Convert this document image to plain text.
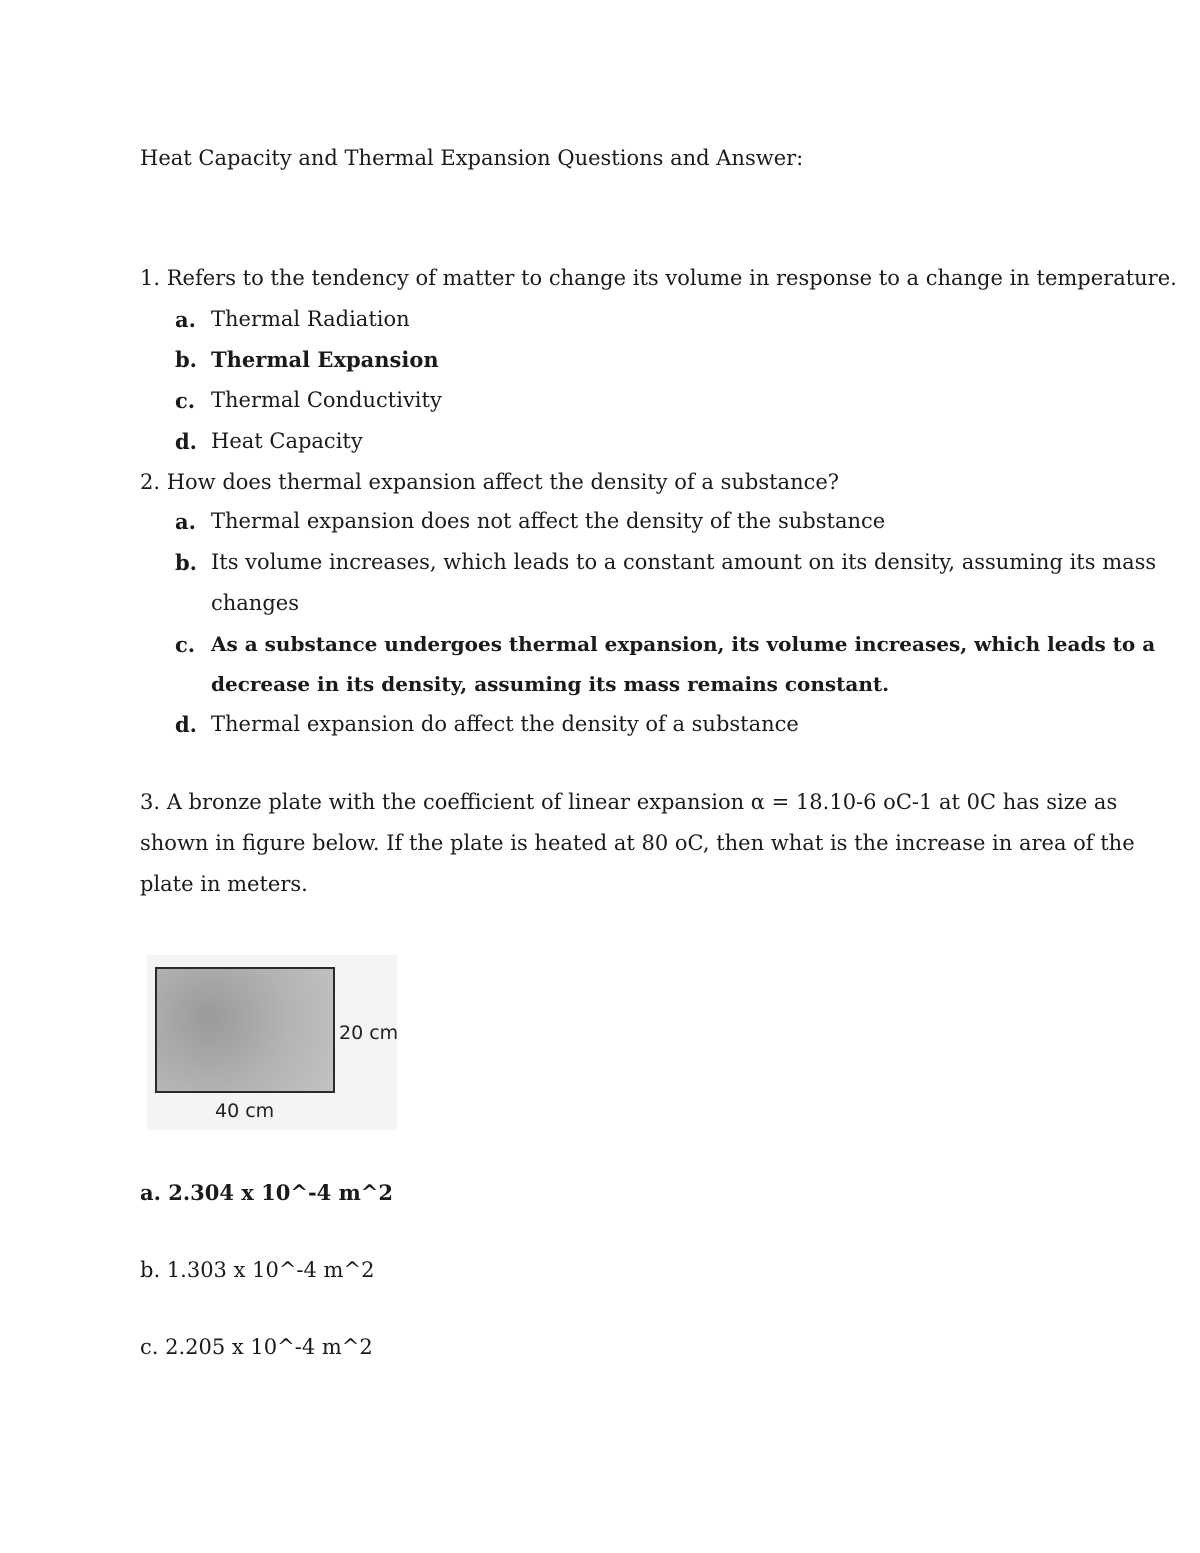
Heat Capacity and Thermal Expansion Questions and Answer:
1. Refers to the tendency of matter to change its volume in response to a change in temperature.
a. Thermal Radiation
b. Thermal Expansion
c. Thermal Conductivity
d. Heat Capacity
2. How does thermal expansion affect the density of a substance?
a. Thermal expansion does not affect the density of the substance
b. Its volume increases, which leads to a constant amount on its density, assuming its mass
changes
c. As a substance undergoes thermal expansion, its volume increases, which leads to a
decrease in its density, assuming its mass remains constant.
d. Thermal expansion do affect the density of a substance
3. A bronze plate with the coefficient of linear expansion α = 18.10-6 oC-1 at 0C has size as
shown in figure below. If the plate is heated at 80 oC, then what is the increase in area of the
plate in meters.
20 cm
40 cm
a. 2.304 x 10^-4 m^2
b. 1.303 x 10^-4 m^2
c. 2.205 x 10^-4 m^2
